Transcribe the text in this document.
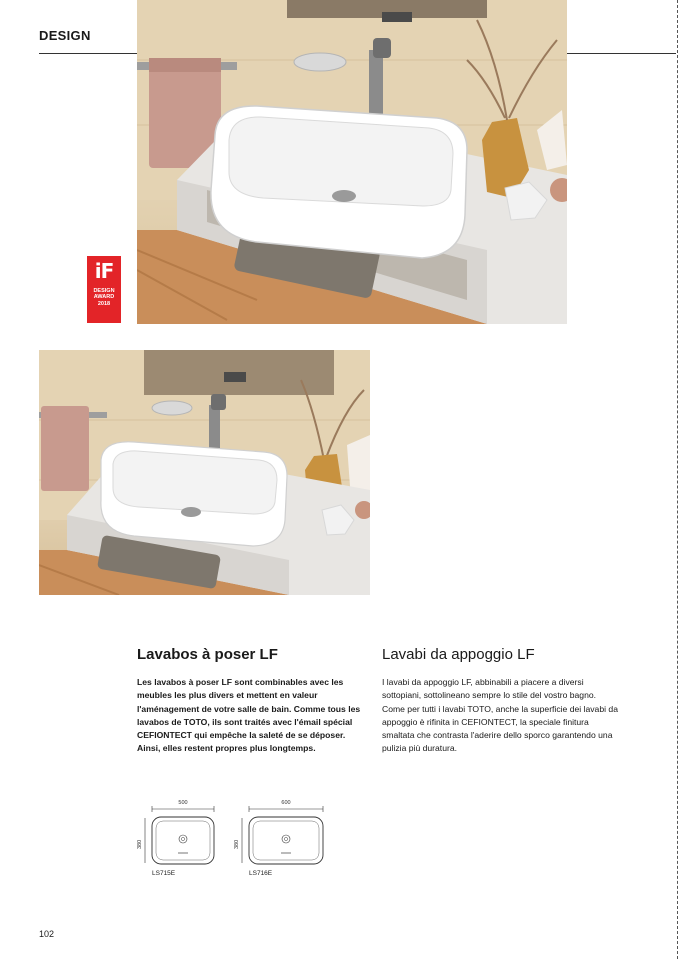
DESIGN
iF
DESIGN
AWARD
2018
Lavabos à poser LF	Lavabi da appoggio LF

Les lavabos à poser LF sont combinables avec les meubles les plus divers et mettent en valeur l'aménagement de votre salle de bain. Comme tous les lavabos de TOTO, ils sont traités avec l'émail spécial CEFIONTECT qui empêche la saleté de se déposer. Ainsi, elles restent propres plus longtemps.

I lavabi da appoggio LF, abbinabili a piacere a diversi sottopiani, sottolineano sempre lo stile del vostro bagno. Come per tutti i lavabi TOTO, anche la superficie dei lavabi da appoggio è rifinita in CEFIONTECT, la speciale finitura smaltata che contrasta l'aderire dello sporco garantendo una pulizia più duratura.

500
380
LS715E
600
380
LS716E
102
